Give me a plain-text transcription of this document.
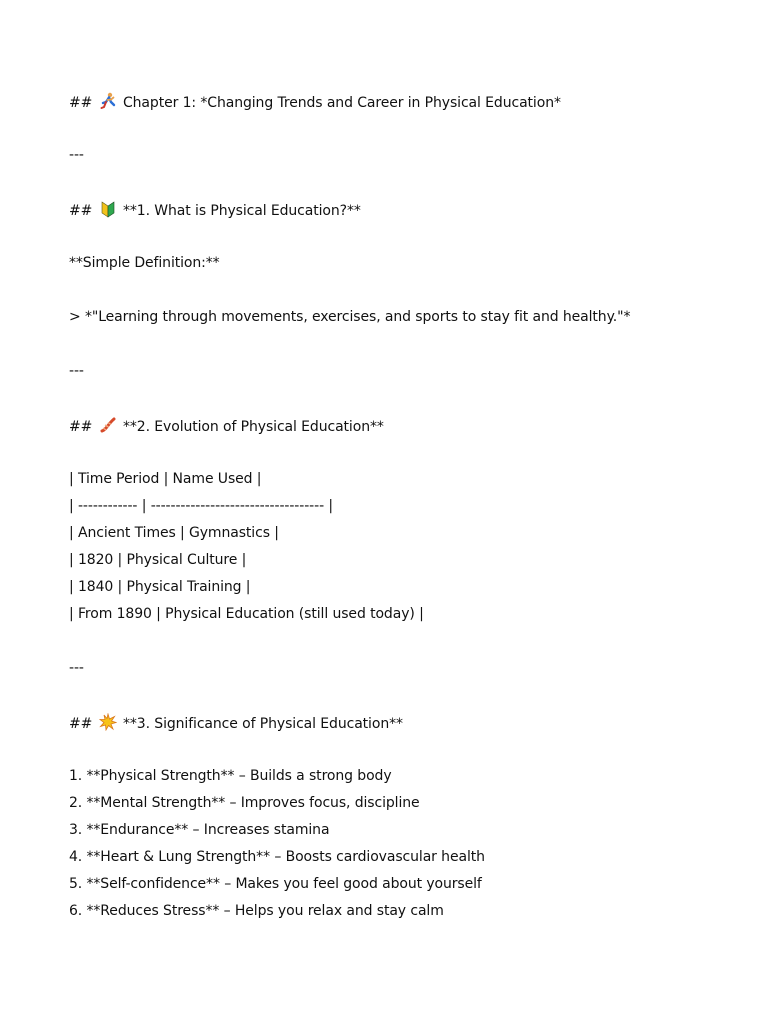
## Chapter 1: *Changing Trends and Career in Physical Education*
---
## **1. What is Physical Education?**
**Simple Definition:**
> *"Learning through movements, exercises, and sports to stay fit and healthy."*
---
## **2. Evolution of Physical Education**
| Time Period | Name Used |
| ------------ | ----------------------------------- |
| Ancient Times | Gymnastics |
| 1820 | Physical Culture |
| 1840 | Physical Training |
| From 1890 | Physical Education (still used today) |
---
## **3. Significance of Physical Education**
1. **Physical Strength** – Builds a strong body
2. **Mental Strength** – Improves focus, discipline
3. **Endurance** – Increases stamina
4. **Heart & Lung Strength** – Boosts cardiovascular health
5. **Self-confidence** – Makes you feel good about yourself
6. **Reduces Stress** – Helps you relax and stay calm
